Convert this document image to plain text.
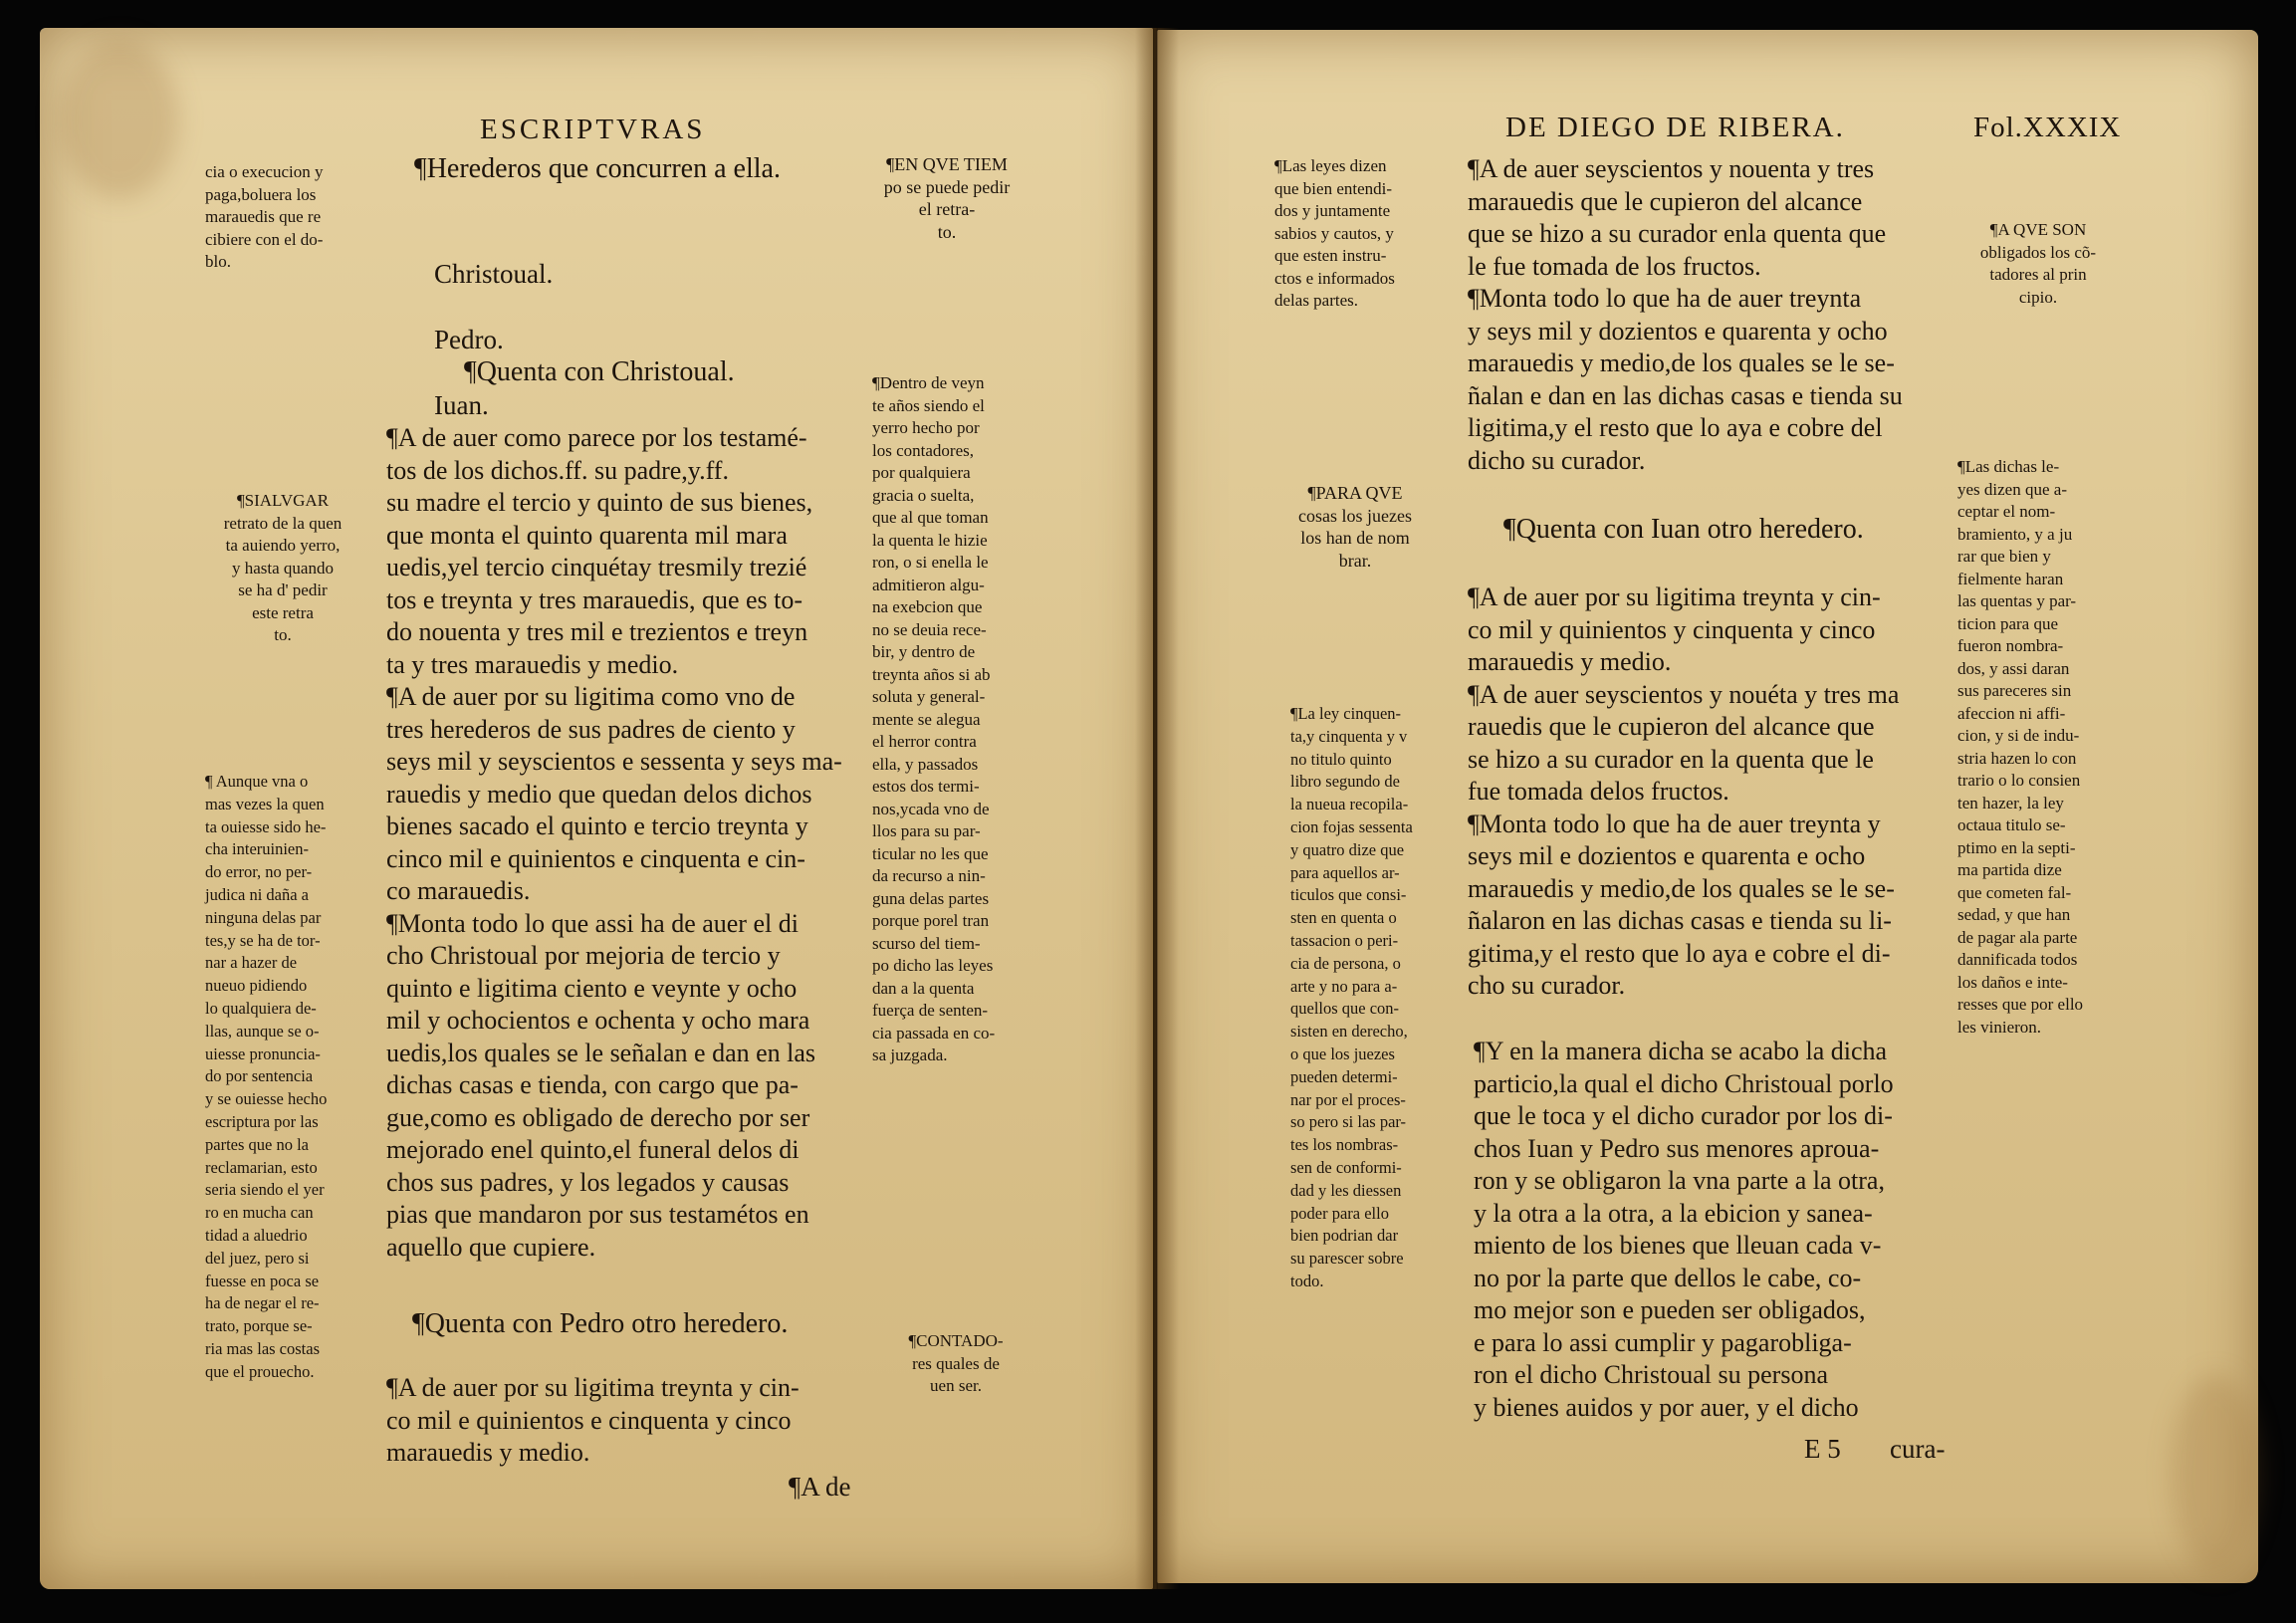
ESCRIPTVRAS
cia o execucion y
paga,boluera los
marauedis que re
cibiere con el do-
blo.
¶SIALVGAR
retrato de la quen
ta auiendo yerro,
y hasta quando
se ha d' pedir
este retra
to.
¶ Aunque vna o
mas vezes la quen
ta ouiesse sido he-
cha interuinien-
do error, no per-
judica ni daña a
ninguna delas par
tes,y se ha de tor-
nar a hazer de
nueuo pidiendo
lo qualquiera de-
llas, aunque se o-
uiesse pronuncia-
do por sentencia
y se ouiesse hecho
escriptura por las
partes que no la
reclamarian, esto
seria siendo el yer
ro en mucha can
tidad a aluedrio
del juez, pero si
fuesse en poca se
ha de negar el re-
trato, porque se-
ria mas las costas
que el prouecho.
¶Herederos que concurren a ella.

Christoual.

Pedro.

Iuan.

¶Quenta con Christoual.
¶A de auer como parece por los testamé-
tos de los dichos.ff. su padre,y.ff.
su madre el tercio y quinto de sus bienes,
que monta el quinto quarenta mil mara
uedis,yel tercio cinquétay tresmily trezié
tos e treynta y tres marauedis, que es to-
do nouenta y tres mil e trezientos e treyn
ta y tres marauedis y medio.
¶A de auer por su ligitima como vno de
tres herederos de sus padres de ciento y
seys mil y seyscientos e sessenta y seys ma-
rauedis y medio que quedan delos dichos
bienes sacado el quinto e tercio treynta y
cinco mil e quinientos e cinquenta e cin-
co marauedis.
¶Monta todo lo que assi ha de auer el di
cho Christoual por mejoria de tercio y
quinto e ligitima ciento e veynte y ocho
mil y ochocientos e ochenta y ocho mara
uedis,los quales se le señalan e dan en las
dichas casas e tienda, con cargo que pa-
gue,como es obligado de derecho por ser
mejorado enel quinto,el funeral delos di
chos sus padres, y los legados y causas
pias que mandaron por sus testamétos en
aquello que cupiere.
¶Quenta con Pedro otro heredero.
¶A de auer por su ligitima treynta y cin-
co mil e quinientos e cinquenta y cinco
marauedis y medio.
¶A de
¶EN QVE TIEM
po se puede pedir
el retra-
to.
¶Dentro de veyn
te años siendo el
yerro hecho por
los contadores,
por qualquiera
gracia o suelta,
que al que toman
la quenta le hizie
ron, o si enella le
admitieron algu-
na exebcion que
no se deuia rece-
bir, y dentro de
treynta años si ab
soluta y general-
mente se alegua
el herror contra
ella, y passados
estos dos termi-
nos,ycada vno de
llos para su par-
ticular no les que
da recurso a nin-
guna delas partes
porque porel tran
scurso del tiem-
po dicho las leyes
dan a la quenta
fuerça de senten-
cia passada en co-
sa juzgada.
¶CONTADO-
res quales de
uen ser.
DE DIEGO DE RIBERA.	Fol.XXXIX
¶Las leyes dizen
que bien entendi-
dos y juntamente
sabios y cautos, y
que esten instru-
ctos e informados
delas partes.
¶PARA QVE
cosas los juezes
los han de nom
brar.
¶La ley cinquen-
ta,y cinquenta y v
no titulo quinto
libro segundo de
la nueua recopila-
cion fojas sessenta
y quatro dize que
para aquellos ar-
ticulos que consi-
sten en quenta o
tassacion o peri-
cia de persona, o
arte y no para a-
quellos que con-
sisten en derecho,
o que los juezes
pueden determi-
nar por el proces-
so pero si las par-
tes los nombras-
sen de conformi-
dad y les diessen
poder para ello
bien podrian dar
su parescer sobre
todo.
¶A de auer seyscientos y nouenta y tres
marauedis que le cupieron del alcance
que se hizo a su curador enla quenta que
le fue tomada de los fructos.
¶Monta todo lo que ha de auer treynta
y seys mil y dozientos e quarenta y ocho
marauedis y medio,de los quales se le se-
ñalan e dan en las dichas casas e tienda su
ligitima,y el resto que lo aya e cobre del
dicho su curador.
¶Quenta con Iuan otro heredero.
¶A de auer por su ligitima treynta y cin-
co mil y quinientos y cinquenta y cinco
marauedis y medio.
¶A de auer seyscientos y nouéta y tres ma
rauedis que le cupieron del alcance que
se hizo a su curador en la quenta que le
fue tomada delos fructos.
¶Monta todo lo que ha de auer treynta y
seys mil e dozientos e quarenta e ocho
marauedis y medio,de los quales se le se-
ñalaron en las dichas casas e tienda su li-
gitima,y el resto que lo aya e cobre el di-
cho su curador.
¶Y en la manera dicha se acabo la dicha
particio,la qual el dicho Christoual porlo
que le toca y el dicho curador por los di-
chos Iuan y Pedro sus menores aproua-
ron y se obligaron la vna parte a la otra,
y la otra a la otra, a la ebicion y sanea-
miento de los bienes que lleuan cada v-
no por la parte que dellos le cabe, co-
mo mejor son e pueden ser obligados,
e para lo assi cumplir y pagarobliga-
ron el dicho Christoual su persona
y bienes auidos y por auer, y el dicho
E 5 cura-
¶A QVE SON
obligados los cõ-
tadores al prin
cipio.
¶Las dichas le-
yes dizen que a-
ceptar el nom-
bramiento, y a ju
rar que bien y
fielmente haran
las quentas y par-
ticion para que
fueron nombra-
dos, y assi daran
sus pareceres sin
afeccion ni affi-
cion, y si de indu-
stria hazen lo con
trario o lo consien
ten hazer, la ley
octaua titulo se-
ptimo en la septi-
ma partida dize
que cometen fal-
sedad, y que han
de pagar ala parte
dannificada todos
los daños e inte-
resses que por ello
les vinieron.
